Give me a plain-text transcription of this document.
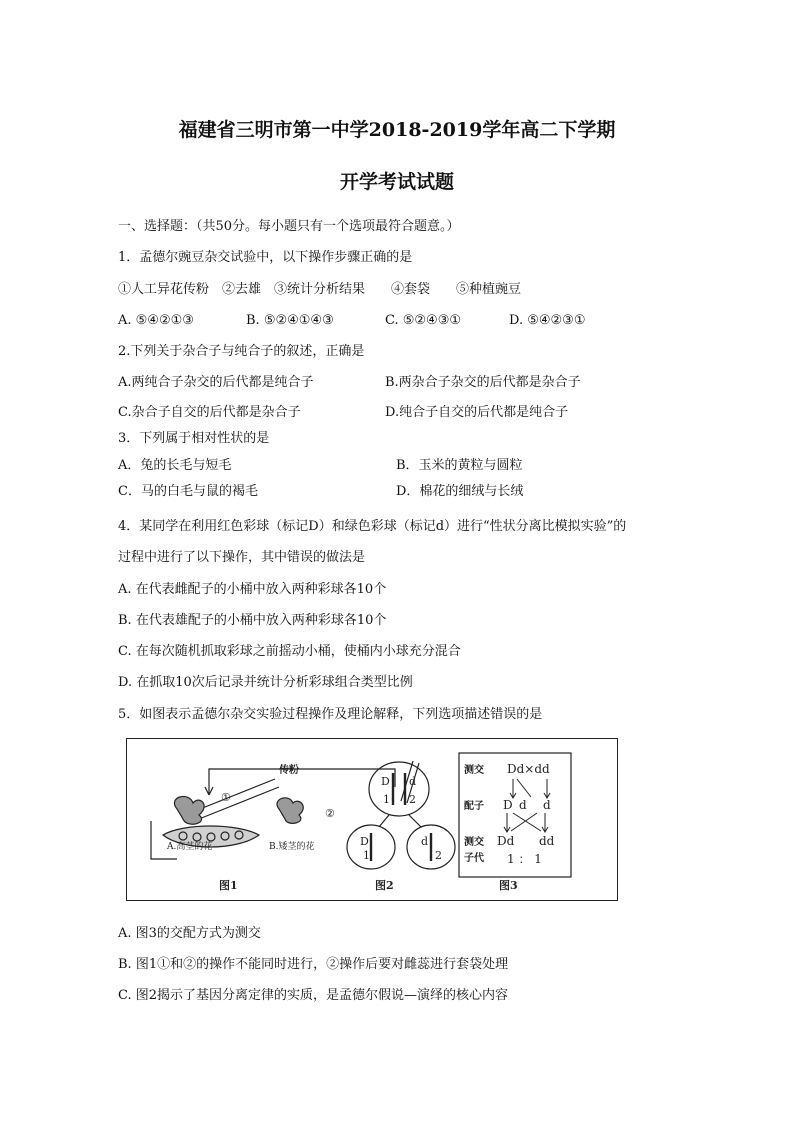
福建省三明市第一中学2018-2019学年高二下学期
开学考试试题
一、选择题：（共50分。每小题只有一个选项最符合题意。）
1．孟德尔豌豆杂交试验中，以下操作步骤正确的是
①人工异花传粉　②去雄　③统计分析结果　　④套袋　　⑤种植豌豆
A. ⑤④②①③	B. ⑤②④①④③	C. ⑤②④③①	D. ⑤④②③①
2.下列关于杂合子与纯合子的叙述，正确是
A.两纯合子杂交的后代都是纯合子	B.两杂合子杂交的后代都是杂合子
C.杂合子自交的后代都是杂合子	D.纯合子自交的后代都是纯合子
3．下列属于相对性状的是
A．兔的长毛与短毛	B．玉米的黄粒与圆粒
C．马的白毛与鼠的褐毛	D．棉花的细绒与长绒
4．某同学在利用红色彩球（标记D）和绿色彩球（标记d）进行“性状分离比模拟实验”的
过程中进行了以下操作，其中错误的做法是
A. 在代表雌配子的小桶中放入两种彩球各10个
B. 在代表雄配子的小桶中放入两种彩球各10个
C. 在每次随机抓取彩球之前摇动小桶，使桶内小球充分混合
D. 在抓取10次后记录并统计分析彩球组合类型比例
5．如图表示孟德尔杂交实验过程操作及理论解释，下列选项描述错误的是
①
②
传粉
A.高茎的花	B.矮茎的花
图1
D d
1 2
D
1
d
2
图2
测交 Dd×dd
配子 D d d
测交
子代
Dd dd
1 ： 1
图3
A. 图3的交配方式为测交
B. 图1①和②的操作不能同时进行，②操作后要对雌蕊进行套袋处理
C. 图2揭示了基因分离定律的实质，是孟德尔假说—演绎的核心内容
